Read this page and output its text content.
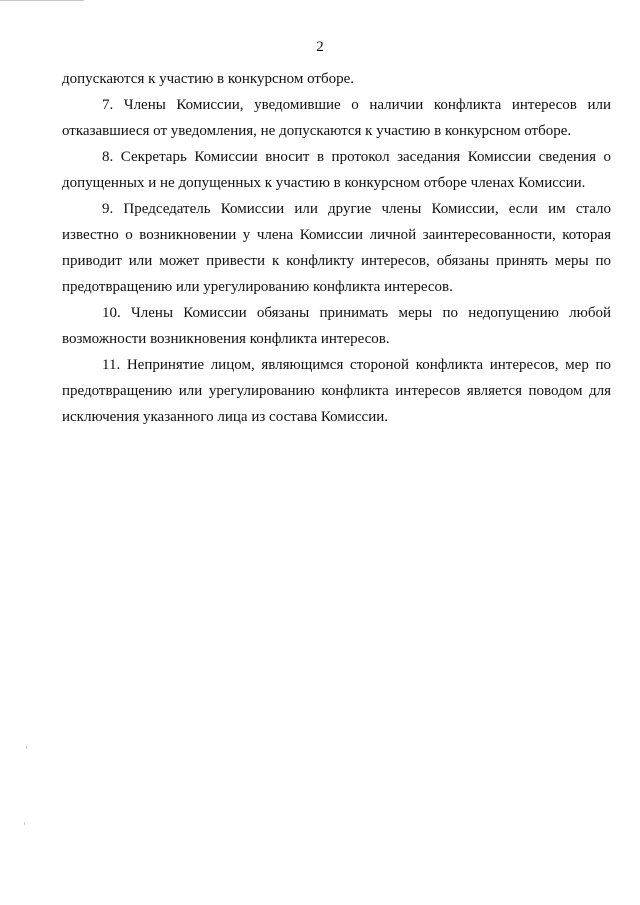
2

допускаются к участию в конкурсном отборе.

7. Члены Комиссии, уведомившие о наличии конфликта интересов или отказавшиеся от уведомления, не допускаются к участию в конкурсном отборе.

8. Секретарь Комиссии вносит в протокол заседания Комиссии сведения о допущенных и не допущенных к участию в конкурсном отборе членах Комиссии.

9. Председатель Комиссии или другие члены Комиссии, если им стало известно о возникновении у члена Комиссии личной заинтересованности, которая приводит или может привести к конфликту интересов, обязаны принять меры по предотвращению или урегулированию конфликта интересов.

10. Члены Комиссии обязаны принимать меры по недопущению любой возможности возникновения конфликта интересов.

11. Непринятие лицом, являющимся стороной конфликта интересов, мер по предотвращению или урегулированию конфликта интересов является поводом для исключения указанного лица из состава Комиссии.
